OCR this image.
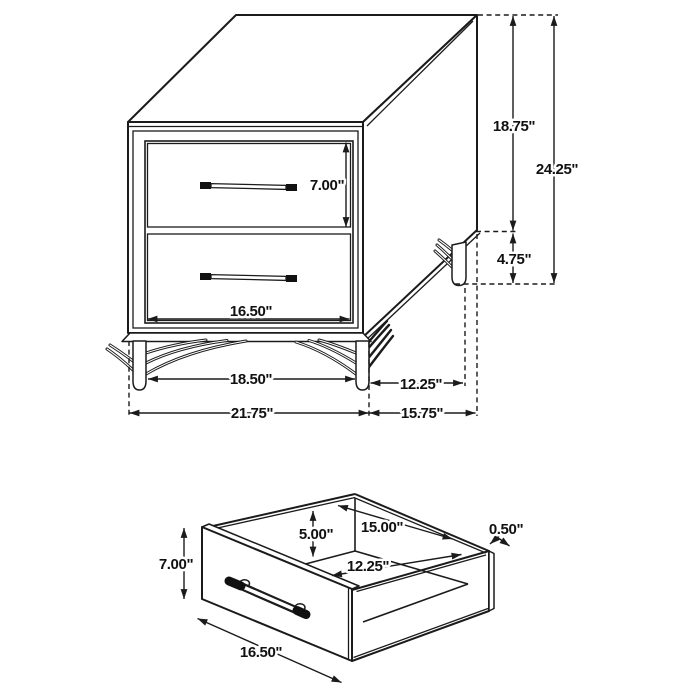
7.00"
16.50"
18.50"
21.75"
12.25"
15.75"
18.75"
24.25"
4.75"
7.00"
5.00" 15.00"
12.25"
0.50"
16.50"
